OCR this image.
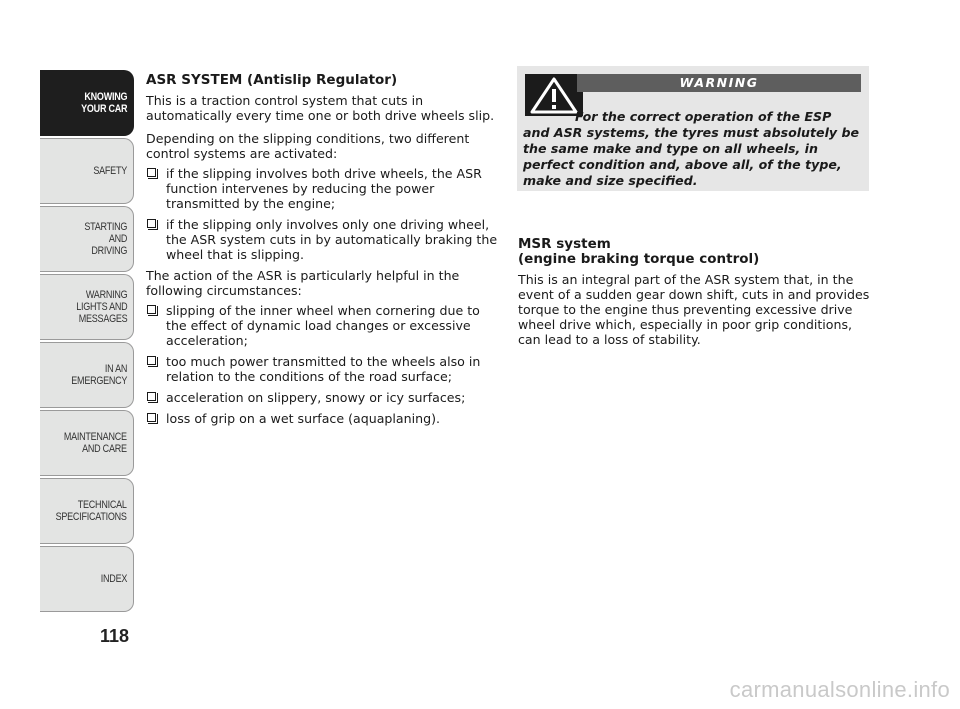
KNOWING
YOUR CAR
SAFETY
STARTING
AND
DRIVING
WARNING
LIGHTS AND
MESSAGES
IN AN
EMERGENCY
MAINTENANCE
AND CARE
TECHNICAL
SPECIFICATIONS
INDEX
118

ASR SYSTEM (Antislip Regulator)

This is a traction control system that cuts in automatically every time one or both drive wheels slip.

Depending on the slipping conditions, two different control systems are activated:

if the slipping involves both drive wheels, the ASR function intervenes by reducing the power transmitted by the engine;
if the slipping only involves only one driving wheel, the ASR system cuts in by automatically braking the wheel that is slipping.

The action of the ASR is particularly helpful in the following circumstances:

slipping of the inner wheel when cornering due to the effect of dynamic load changes or excessive acceleration;
too much power transmitted to the wheels also in relation to the conditions of the road surface;
acceleration on slippery, snowy or icy surfaces;
loss of grip on a wet surface (aquaplaning).
WARNING

For the correct operation of the ESP and ASR systems, the tyres must absolutely be the same make and type on all wheels, in perfect condition and, above all, of the type, make and size specified.

MSR system
(engine braking torque control)

This is an integral part of the ASR system that, in the event of a sudden gear down shift, cuts in and provides torque to the engine thus preventing excessive drive wheel drive which, especially in poor grip conditions, can lead to a loss of stability.

carmanualsonline.info
